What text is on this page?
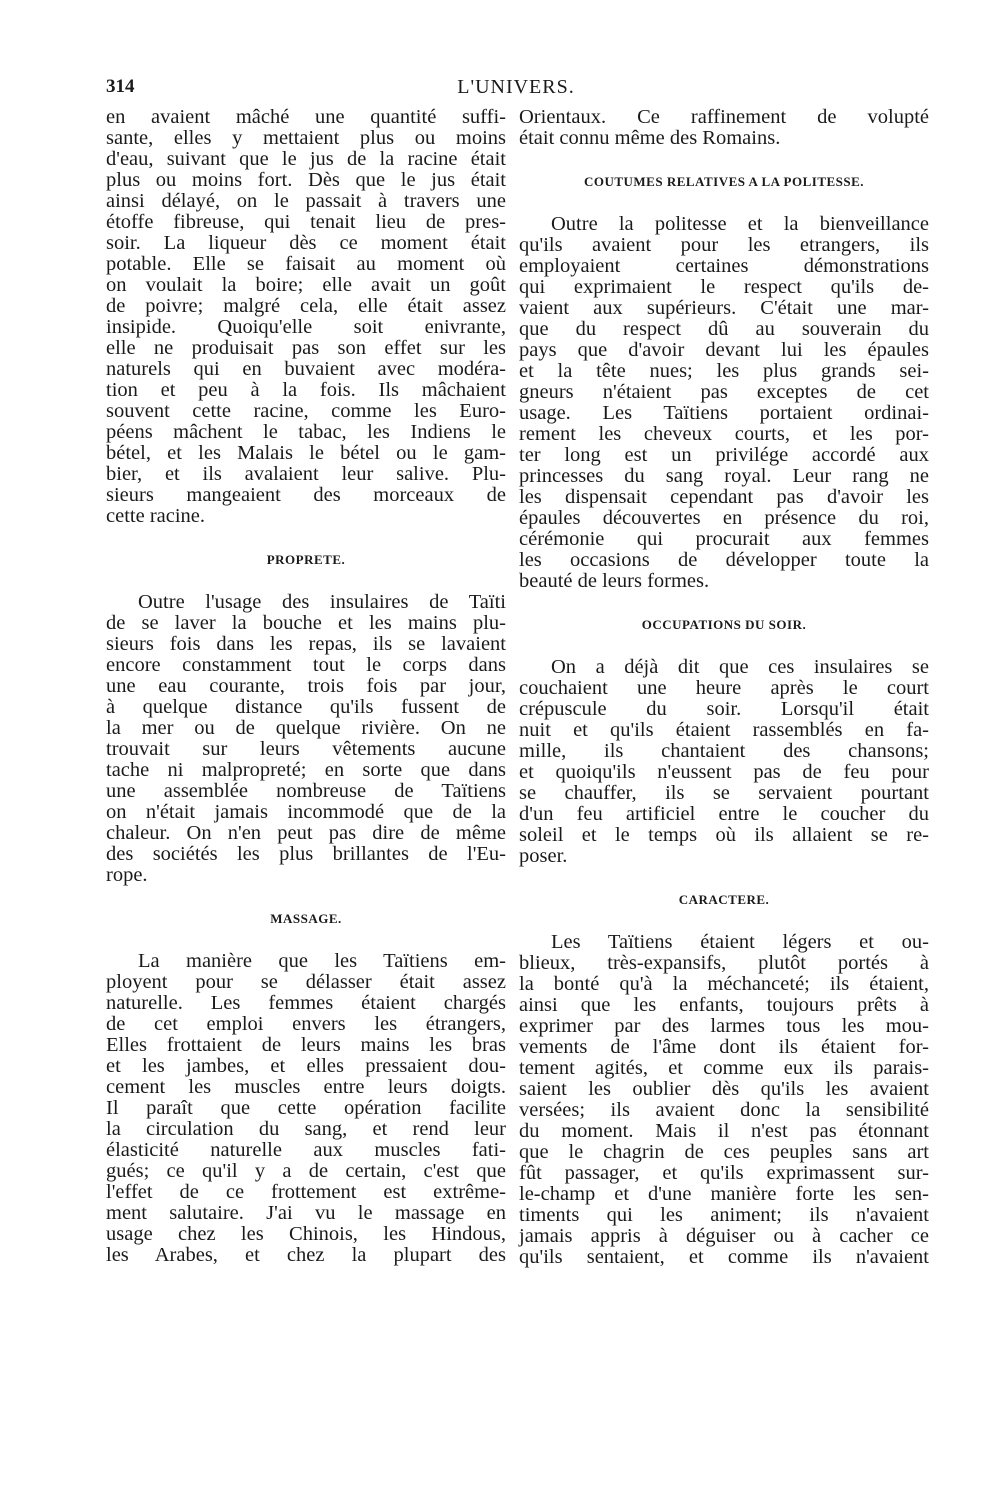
314	L'UNIVERS.
en avaient mâché une quantité suffi-
sante, elles y mettaient plus ou moins
d'eau, suivant que le jus de la racine était
plus ou moins fort. Dès que le jus était
ainsi délayé, on le passait à travers une
étoffe fibreuse, qui tenait lieu de pres-
soir. La liqueur dès ce moment était
potable. Elle se faisait au moment où
on voulait la boire; elle avait un goût
de poivre; malgré cela, elle était assez
insipide. Quoiqu'elle soit enivrante,
elle ne produisait pas son effet sur les
naturels qui en buvaient avec modéra-
tion et peu à la fois. Ils mâchaient
souvent cette racine, comme les Euro-
péens mâchent le tabac, les Indiens le
bétel, et les Malais le bétel ou le gam-
bier, et ils avalaient leur salive. Plu-
sieurs mangeaient des morceaux de
cette racine.
PROPRETE.
Outre l'usage des insulaires de Taïti
de se laver la bouche et les mains plu-
sieurs fois dans les repas, ils se lavaient
encore constamment tout le corps dans
une eau courante, trois fois par jour,
à quelque distance qu'ils fussent de
la mer ou de quelque rivière. On ne
trouvait sur leurs vêtements aucune
tache ni malpropreté; en sorte que dans
une assemblée nombreuse de Taïtiens
on n'était jamais incommodé que de la
chaleur. On n'en peut pas dire de même
des sociétés les plus brillantes de l'Eu-
rope.
MASSAGE.
La manière que les Taïtiens em-
ployent pour se délasser était assez
naturelle. Les femmes étaient chargés
de cet emploi envers les étrangers,
Elles frottaient de leurs mains les bras
et les jambes, et elles pressaient dou-
cement les muscles entre leurs doigts.
Il paraît que cette opération facilite
la circulation du sang, et rend leur
élasticité naturelle aux muscles fati-
gués; ce qu'il y a de certain, c'est que
l'effet de ce frottement est extrême-
ment salutaire. J'ai vu le massage en
usage chez les Chinois, les Hindous,
les Arabes, et chez la plupart des
Orientaux. Ce raffinement de volupté
était connu même des Romains.
COUTUMES RELATIVES A LA POLITESSE.
Outre la politesse et la bienveillance
qu'ils avaient pour les etrangers, ils
employaient certaines démonstrations
qui exprimaient le respect qu'ils de-
vaient aux supérieurs. C'était une mar-
que du respect dû au souverain du
pays que d'avoir devant lui les épaules
et la tête nues; les plus grands sei-
gneurs n'étaient pas exceptes de cet
usage. Les Taïtiens portaient ordinai-
rement les cheveux courts, et les por-
ter long est un privilége accordé aux
princesses du sang royal. Leur rang ne
les dispensait cependant pas d'avoir les
épaules découvertes en présence du roi,
cérémonie qui procurait aux femmes
les occasions de développer toute la
beauté de leurs formes.
OCCUPATIONS DU SOIR.
On a déjà dit que ces insulaires se
couchaient une heure après le court
crépuscule du soir. Lorsqu'il était
nuit et qu'ils étaient rassemblés en fa-
mille, ils chantaient des chansons;
et quoiqu'ils n'eussent pas de feu pour
se chauffer, ils se servaient pourtant
d'un feu artificiel entre le coucher du
soleil et le temps où ils allaient se re-
poser.
CARACTERE.
Les Taïtiens étaient légers et ou-
blieux, très-expansifs, plutôt portés à
la bonté qu'à la méchanceté; ils étaient,
ainsi que les enfants, toujours prêts à
exprimer par des larmes tous les mou-
vements de l'âme dont ils étaient for-
tement agités, et comme eux ils parais-
saient les oublier dès qu'ils les avaient
versées; ils avaient donc la sensibilité
du moment. Mais il n'est pas étonnant
que le chagrin de ces peuples sans art
fût passager, et qu'ils exprimassent sur-
le-champ et d'une manière forte les sen-
timents qui les animent; ils n'avaient
jamais appris à déguiser ou à cacher ce
qu'ils sentaient, et comme ils n'avaient
